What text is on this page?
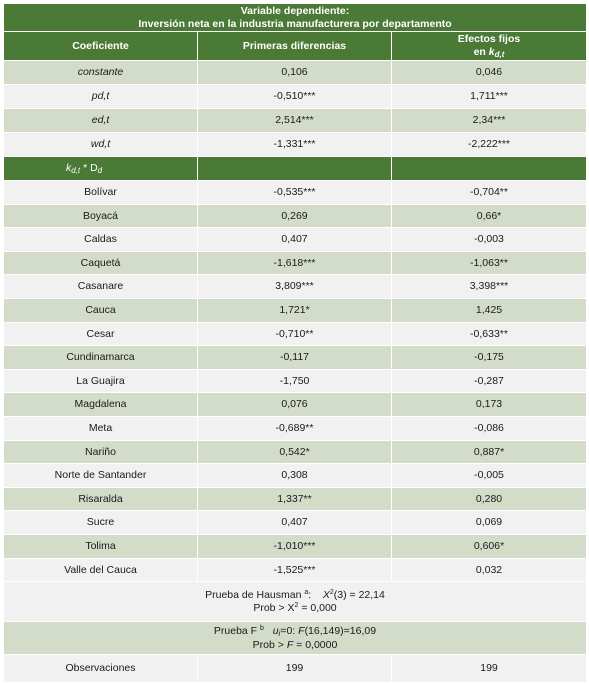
Variable dependiente:
Inversión neta en la industria manufacturera por departamento		

Coeficiente	Primeras diferencias	Efectos fijos
en $k_{d,t}$

constante	0,106	0,046
pd,t	-0,510***	1,711***
ed,t	2,514***	2,34***
wd,t	-1,331***	-2,222***
$k_{d,t} * D_d$		
Bolívar	-0,535***	-0,704**
Boyacá	0,269	0,66*
Caldas	0,407	-0,003
Caquetá	-1,618***	-1,063**
Casanare	3,809***	3,398***
Cauca	1,721*	1,425
Cesar	-0,710**	-0,633**
Cundinamarca	-0,117	-0,175
La Guajira	-1,750	-0,287
Magdalena	0,076	0,173
Meta	-0,689**	-0,086
Nariño	0,542*	0,887*
Norte de Santander	0,308	-0,005
Risaralda	1,337**	0,280
Sucre	0,407	0,069
Tolima	-1,010***	0,606*
Valle del Cauca	-1,525***	0,032

Prueba de Hausman $^a$:    $X^2(3) = 22,14$
Prob > $X^2 = 0,000$		

Prueba F $^b$ $u_i=0$: F(16,149)=16,09
Prob > F = 0,0000		

Observaciones	199	199
